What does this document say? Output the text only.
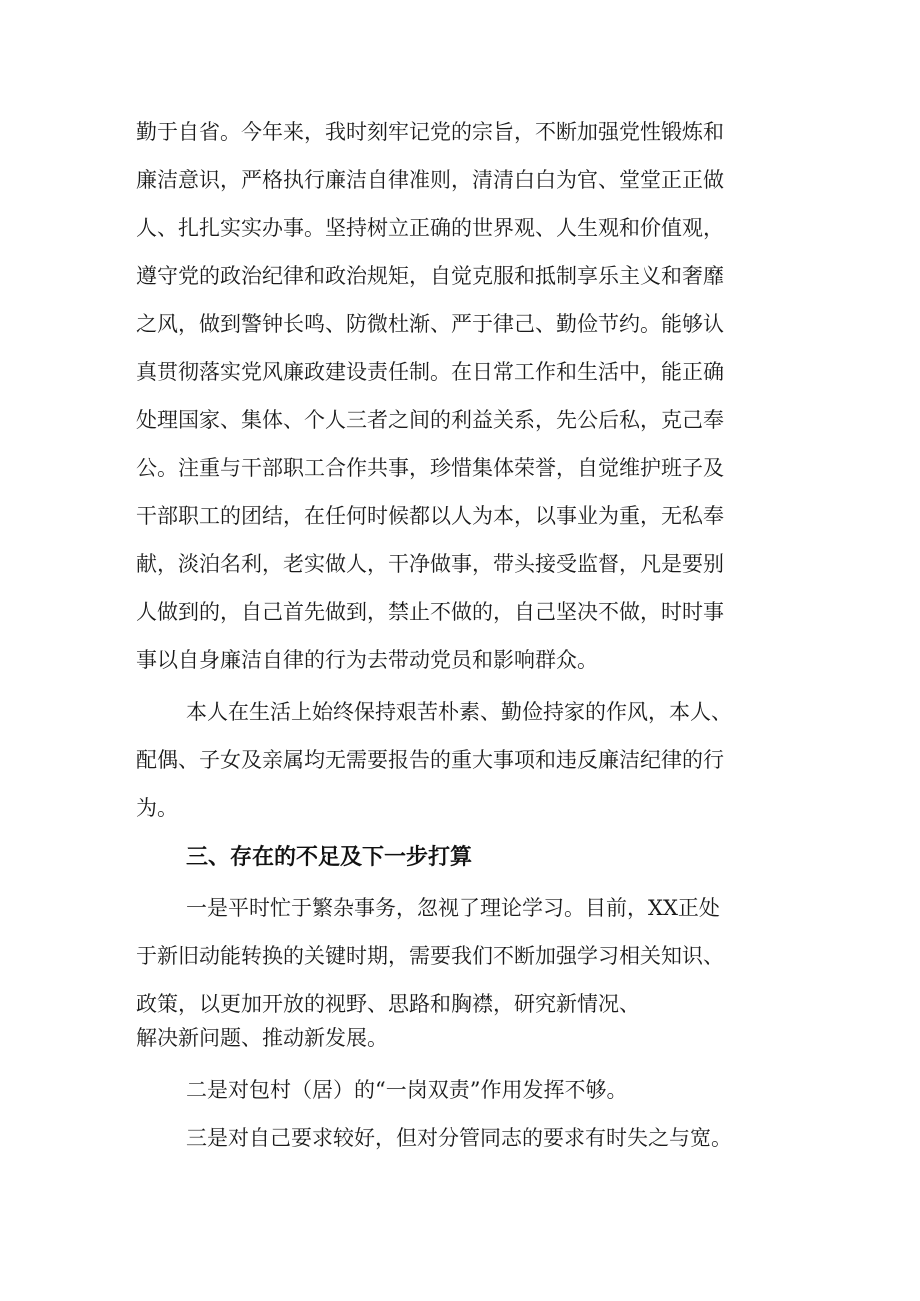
勤于自省。今年来，我时刻牢记党的宗旨，不断加强党性锻炼和

廉洁意识，严格执行廉洁自律准则，清清白白为官、堂堂正正做

人、扎扎实实办事。坚持树立正确的世界观、人生观和价值观，

遵守党的政治纪律和政治规矩，自觉克服和抵制享乐主义和奢靡

之风，做到警钟长鸣、防微杜渐、严于律己、勤俭节约。能够认

真贯彻落实党风廉政建设责任制。在日常工作和生活中，能正确

处理国家、集体、个人三者之间的利益关系，先公后私，克己奉

公。注重与干部职工合作共事，珍惜集体荣誉，自觉维护班子及

干部职工的团结，在任何时候都以人为本，以事业为重，无私奉

献，淡泊名利，老实做人，干净做事，带头接受监督，凡是要别

人做到的，自己首先做到，禁止不做的，自己坚决不做，时时事

事以自身廉洁自律的行为去带动党员和影响群众。

本人在生活上始终保持艰苦朴素、勤俭持家的作风，本人、

配偶、子女及亲属均无需要报告的重大事项和违反廉洁纪律的行

为。

三、存在的不足及下一步打算

一是平时忙于繁杂事务，忽视了理论学习。目前，XX正处

于新旧动能转换的关键时期，需要我们不断加强学习相关知识、

政策，以更加开放的视野、思路和胸襟，研究新情况、

解决新问题、推动新发展。

二是对包村（居）的“一岗双责”作用发挥不够。

三是对自己要求较好，但对分管同志的要求有时失之与宽。
